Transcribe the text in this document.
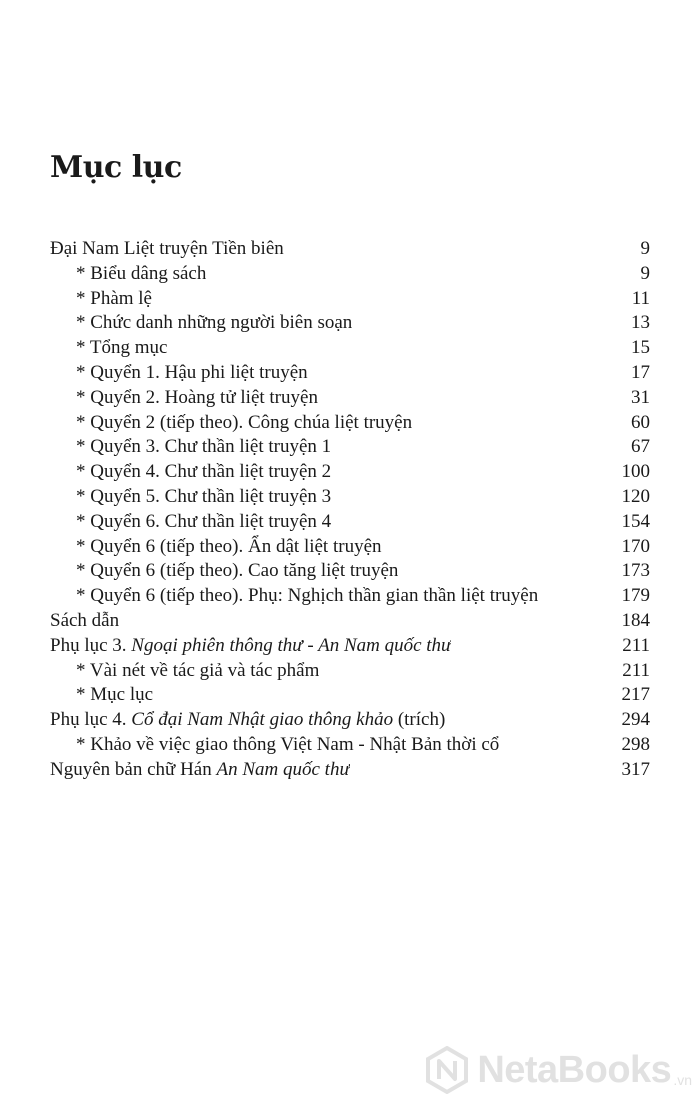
Mục lục
Đại Nam Liệt truyện Tiền biên	9
* Biểu dâng sách	9
* Phàm lệ	11
* Chức danh những người biên soạn	13
* Tổng mục	15
* Quyển 1. Hậu phi liệt truyện	17
* Quyển 2. Hoàng tử liệt truyện	31
* Quyển 2 (tiếp theo). Công chúa liệt truyện	60
* Quyển 3. Chư thần liệt truyện 1	67
* Quyển 4. Chư thần liệt truyện 2	100
* Quyển 5. Chư thần liệt truyện 3	120
* Quyển 6. Chư thần liệt truyện 4	154
* Quyển 6 (tiếp theo). Ẩn dật liệt truyện	170
* Quyển 6 (tiếp theo). Cao tăng liệt truyện	173
* Quyển 6 (tiếp theo). Phụ: Nghịch thần gian thần liệt truyện	179
Sách dẫn	184
Phụ lục 3. Ngoại phiên thông thư - An Nam quốc thư	211
* Vài nét về tác giả và tác phẩm	211
* Mục lục	217
Phụ lục 4. Cổ đại Nam Nhật giao thông khảo (trích)	294
* Khảo về việc giao thông Việt Nam - Nhật Bản thời cổ	298
Nguyên bản chữ Hán An Nam quốc thư	317
NetaBooks .vn
